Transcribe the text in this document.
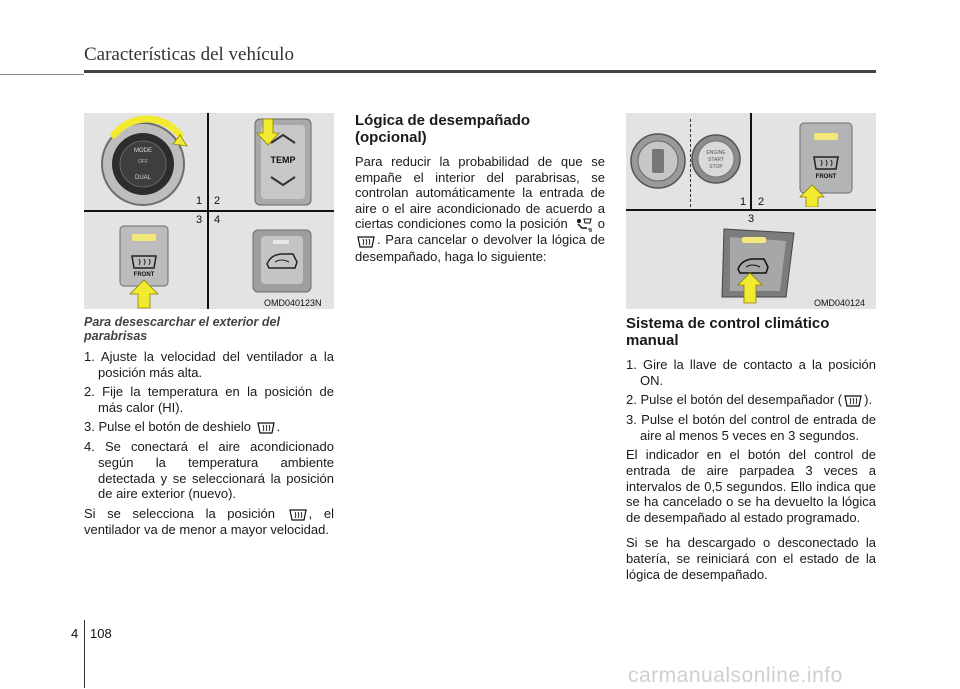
Características del vehículo
MODE
OFF
DUAL
TEMP
FRONT
1 2
3 4
OMD040123N
ENGINE
START
STOP
FRONT
1 2
3
OMD040124
Para desescarchar el exterior del parabrisas
1. Ajuste la velocidad del ventilador a la posición más alta.
2. Fije la temperatura en la posición de más calor (HI).
3. Pulse el botón de deshielo .
4. Se conectará el aire acondicionado según la temperatura ambiente detectada y se seleccionará la posición de aire exterior (nuevo).

Si se selecciona la posición	, el ventilador va de menor a mayor velocidad.

Lógica de desempañado
(opcional)

Para reducir la probabilidad de que se empañe el interior del parabrisas, se controlan automáticamente la entrada de aire o el aire acondicionado de acuerdo a ciertas condiciones como la posición o . Para cancelar o devolver la lógica de desempañado, haga lo siguiente:

Sistema de control climático
manual
1. Gire la llave de contacto a la posición ON.
2. Pulse el botón del desempañador ( ).
3. Pulse el botón del control de entrada de aire al menos 5 veces en 3 segundos.

El indicador en el botón del control de entrada de aire parpadea 3 veces a intervalos de 0,5 segundos. Ello indica que se ha cancelado o se ha devuelto la lógica de desempañado al estado programado.

Si se ha descargado o desconectado la batería, se reiniciará con el estado de la lógica de desempañado.

4 108
carmanualsonline.info
